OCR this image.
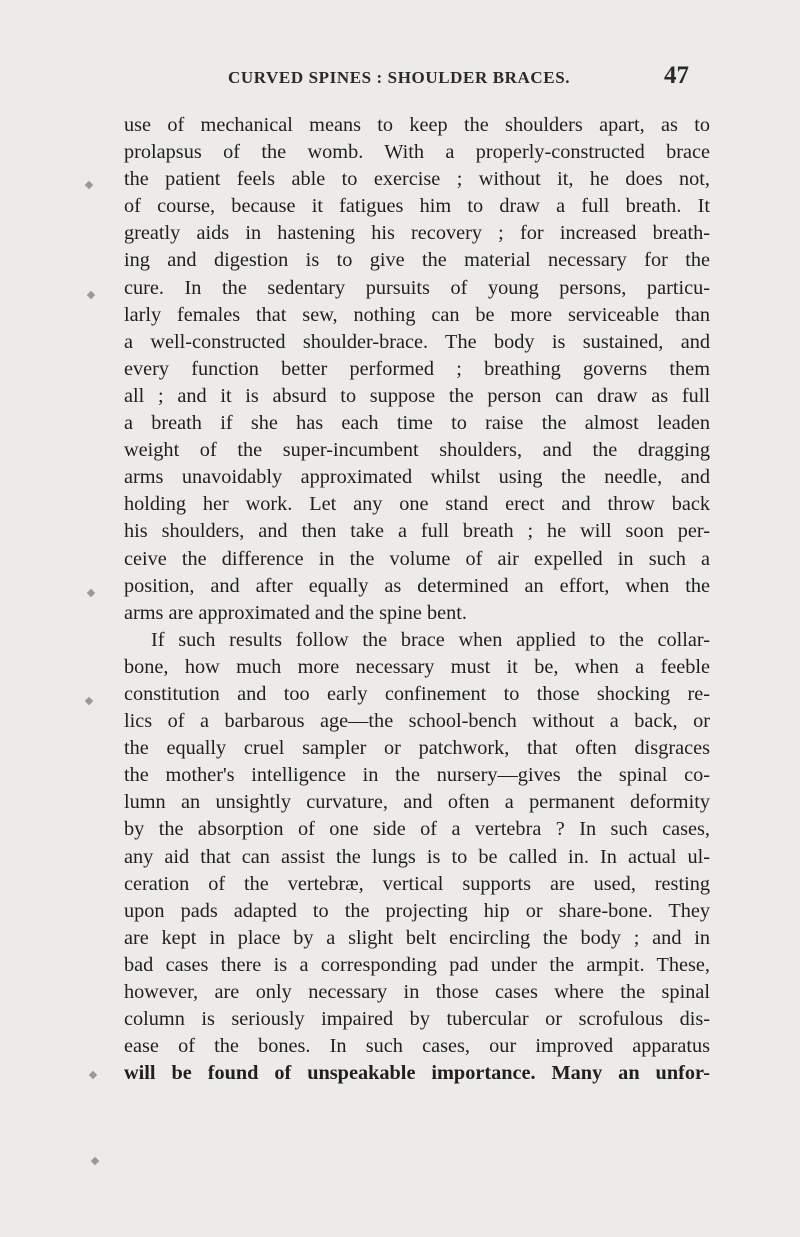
CURVED SPINES : SHOULDER BRACES.	47
use of mechanical means to keep the shoulders apart, as to
prolapsus of the womb. With a properly-constructed brace
the patient feels able to exercise ; without it, he does not,
of course, because it fatigues him to draw a full breath. It
greatly aids in hastening his recovery ; for increased breath-
ing and digestion is to give the material necessary for the
cure. In the sedentary pursuits of young persons, particu-
larly females that sew, nothing can be more serviceable than
a well-constructed shoulder-brace. The body is sustained, and
every function better performed ; breathing governs them
all ; and it is absurd to suppose the person can draw as full
a breath if she has each time to raise the almost leaden
weight of the super-incumbent shoulders, and the dragging
arms unavoidably approximated whilst using the needle, and
holding her work. Let any one stand erect and throw back
his shoulders, and then take a full breath ; he will soon per-
ceive the difference in the volume of air expelled in such a
position, and after equally as determined an effort, when the
arms are approximated and the spine bent.
If such results follow the brace when applied to the collar-
bone, how much more necessary must it be, when a feeble
constitution and too early confinement to those shocking re-
lics of a barbarous age—the school-bench without a back, or
the equally cruel sampler or patchwork, that often disgraces
the mother's intelligence in the nursery—gives the spinal co-
lumn an unsightly curvature, and often a permanent deformity
by the absorption of one side of a vertebra ? In such cases,
any aid that can assist the lungs is to be called in. In actual ul-
ceration of the vertebræ, vertical supports are used, resting
upon pads adapted to the projecting hip or share-bone. They
are kept in place by a slight belt encircling the body ; and in
bad cases there is a corresponding pad under the armpit. These,
however, are only necessary in those cases where the spinal
column is seriously impaired by tubercular or scrofulous dis-
ease of the bones. In such cases, our improved apparatus
will be found of unspeakable importance. Many an unfor-
